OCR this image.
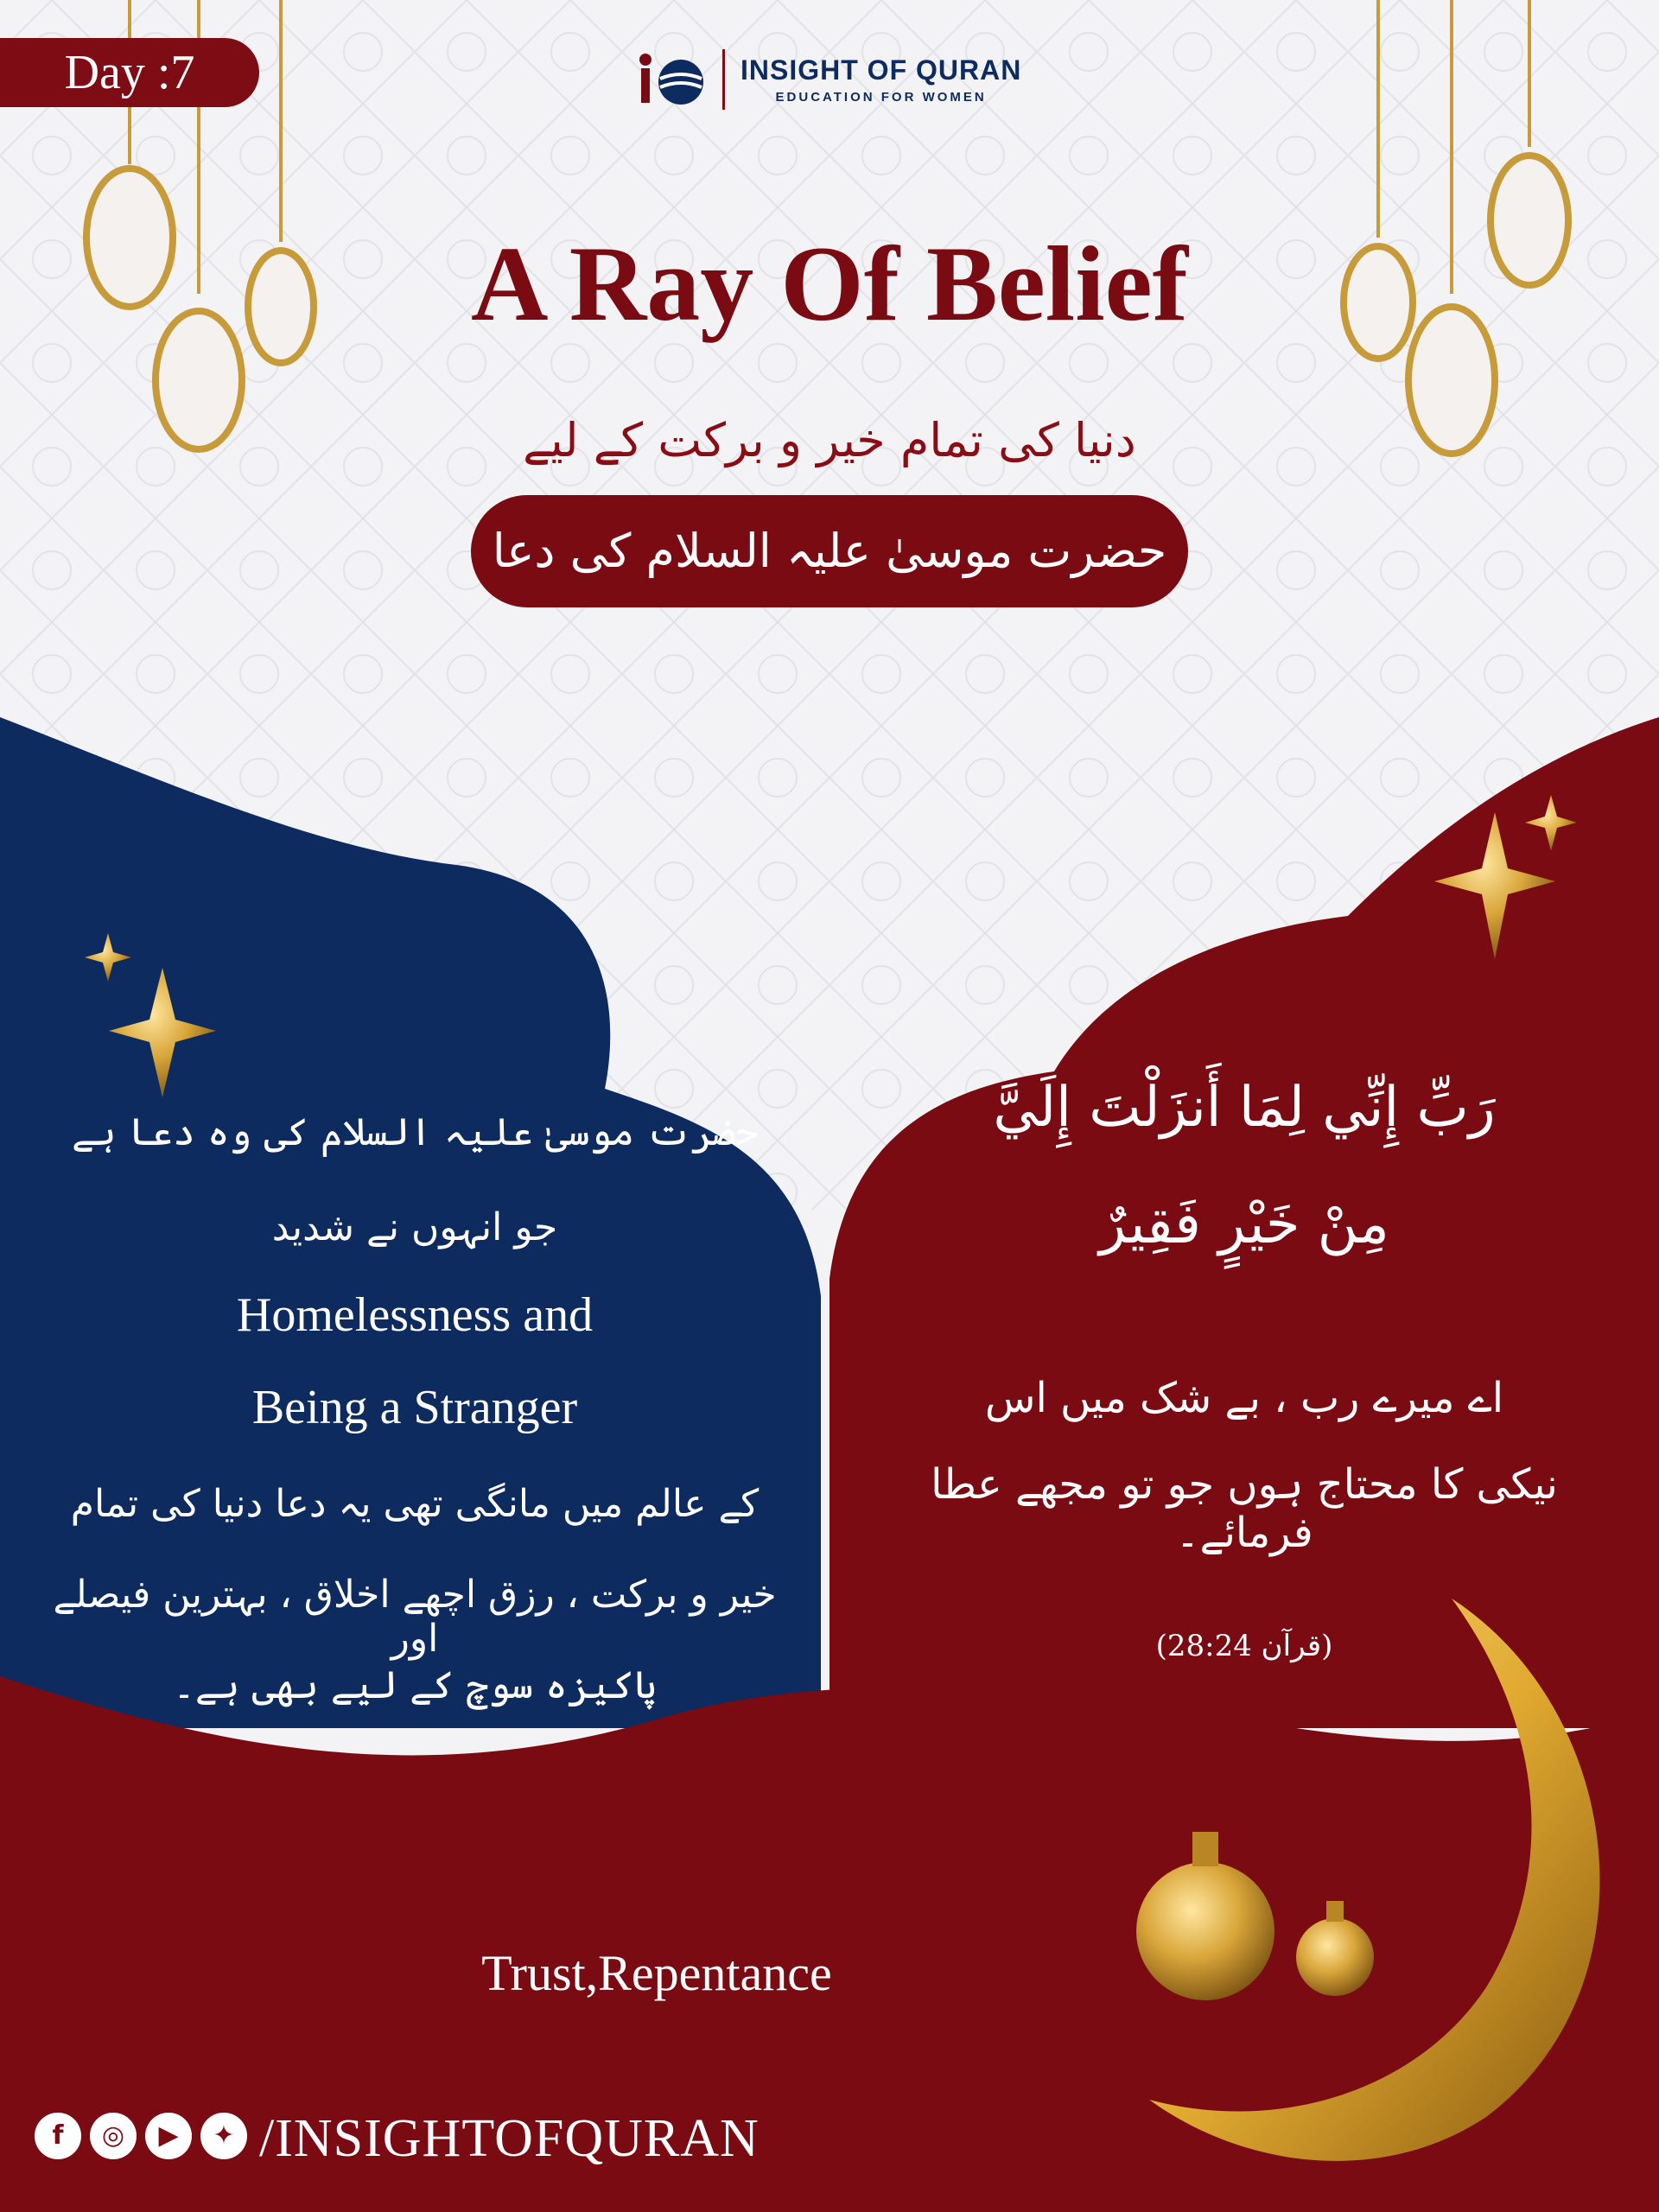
Day :7	INSIGHT OF QURAN
EDUCATION FOR WOMEN
A Ray Of Belief
دنیا کی تمام خیر و برکت کے لیے
حضرت موسیٰ علیہ السلام کی دعا
حضرت موسیٰ علیہ السلام کی وہ دعا ہے
جو انہوں نے شدید
Homelessness and
Being a Stranger
کے عالم میں مانگی تھی یہ دعا دنیا کی تمام
خیر و برکت ، رزق اچھے اخلاق ، بہترین فیصلے اور
پاکیزہ سوچ کے لیے بھی ہے۔
رَبِّ إِنِّي لِمَا أَنزَلْتَ إِلَيَّ
مِنْ خَيْرٍ فَقِيرٌ
اے میرے رب ، بے شک میں اس
نیکی کا محتاج ہوں جو تو مجھے عطا فرمائے۔
(قرآن 28:24)
Trust,Repentance
f	◎	▶	✦ /INSIGHTOFQURAN
